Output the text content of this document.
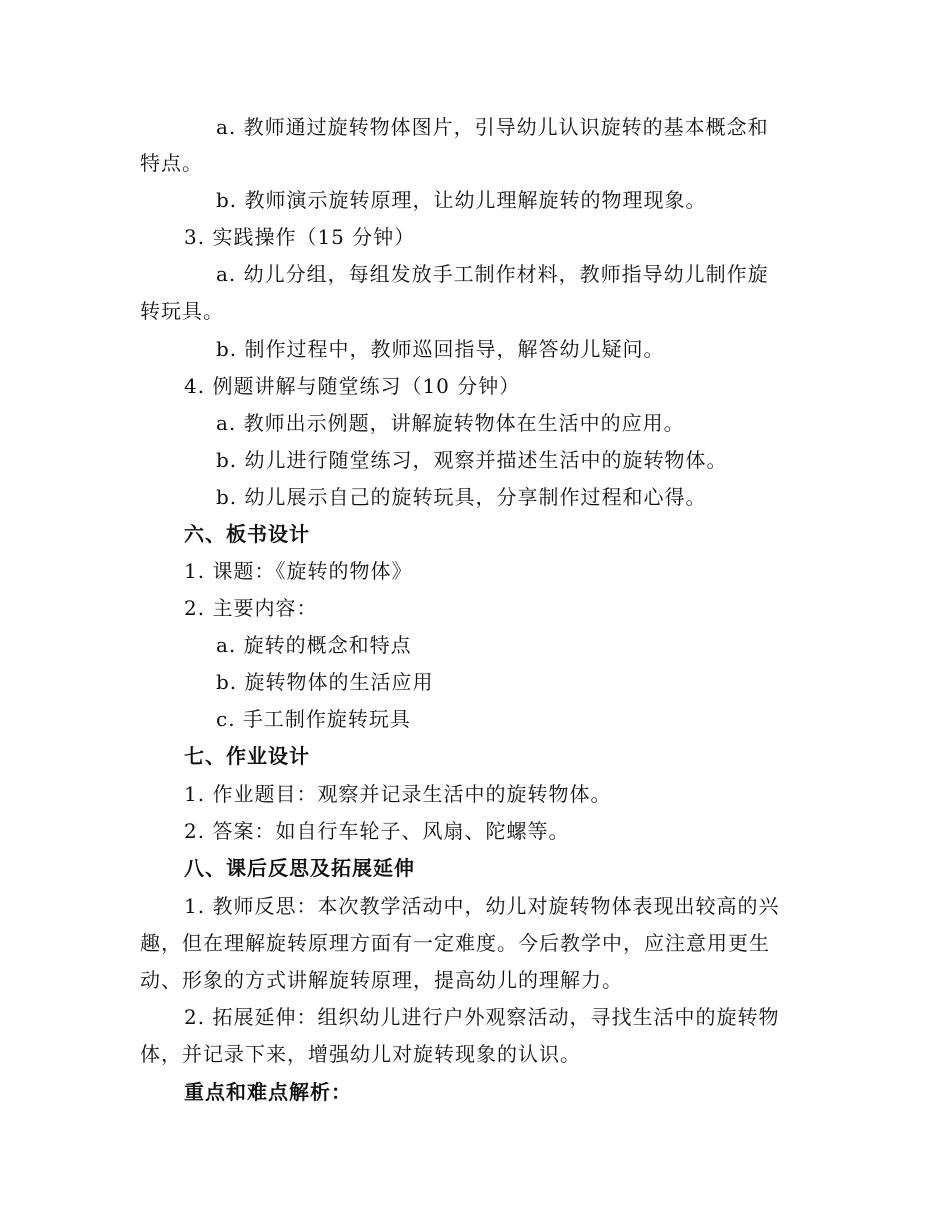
a. 教师通过旋转物体图片，引导幼儿认识旋转的基本概念和
特点。
b. 教师演示旋转原理，让幼儿理解旋转的物理现象。
3. 实践操作（15 分钟）
a. 幼儿分组，每组发放手工制作材料，教师指导幼儿制作旋
转玩具。
b. 制作过程中，教师巡回指导，解答幼儿疑问。
4. 例题讲解与随堂练习（10 分钟）
a. 教师出示例题，讲解旋转物体在生活中的应用。
b. 幼儿进行随堂练习，观察并描述生活中的旋转物体。
b. 幼儿展示自己的旋转玩具，分享制作过程和心得。
六、板书设计
1. 课题：《旋转的物体》
2. 主要内容：
a. 旋转的概念和特点
b. 旋转物体的生活应用
c. 手工制作旋转玩具
七、作业设计
1. 作业题目：观察并记录生活中的旋转物体。
2. 答案：如自行车轮子、风扇、陀螺等。
八、课后反思及拓展延伸
1. 教师反思：本次教学活动中，幼儿对旋转物体表现出较高的兴
趣，但在理解旋转原理方面有一定难度。今后教学中，应注意用更生
动、形象的方式讲解旋转原理，提高幼儿的理解力。
2. 拓展延伸：组织幼儿进行户外观察活动，寻找生活中的旋转物
体，并记录下来，增强幼儿对旋转现象的认识。
重点和难点解析：
